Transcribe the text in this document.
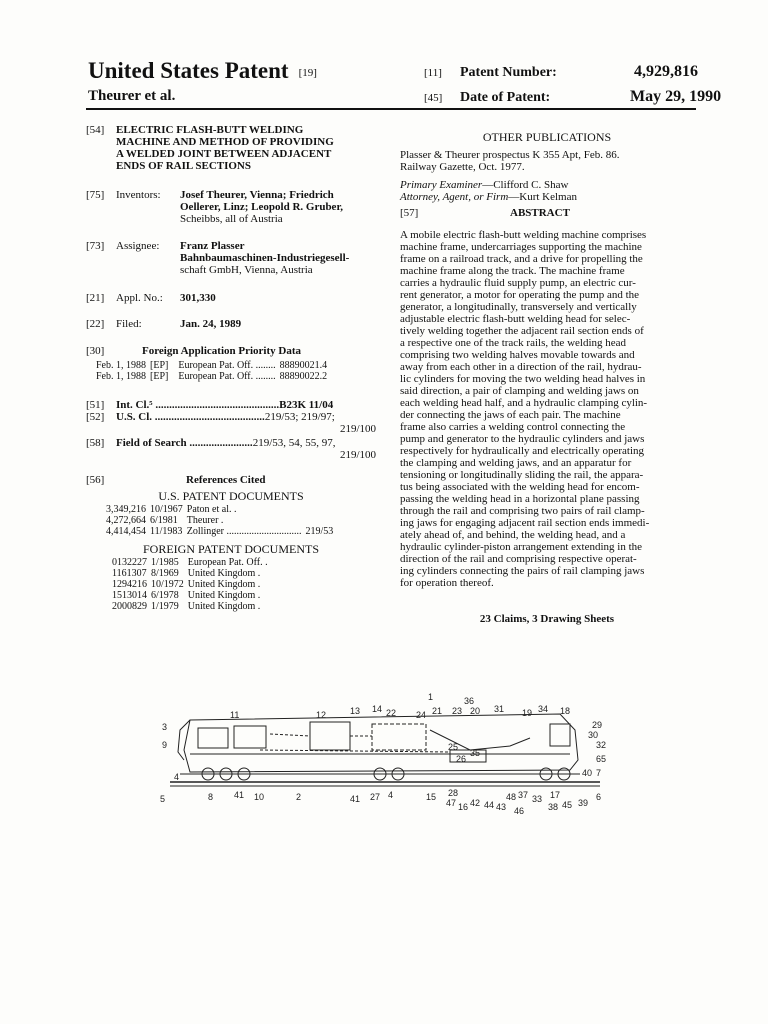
United States Patent [19]
Theurer et al.
[11] Patent Number:	4,929,816
[45] Date of Patent:	May 29, 1990
[54]	ELECTRIC FLASH-BUTT WELDING
MACHINE AND METHOD OF PROVIDING
A WELDED JOINT BETWEEN ADJACENT
ENDS OF RAIL SECTIONS
[75]	Inventors:	Josef Theurer, Vienna; Friedrich
Oellerer, Linz; Leopold R. Gruber,
Scheibbs, all of Austria
[73]	Assignee:	Franz Plasser
Bahnbaumaschinen-Industriegesell-
schaft GmbH, Vienna, Austria
[21]	Appl. No.:	301,330
[22]	Filed:	Jan. 24, 1989
[30]	Foreign Application Priority Data
Feb. 1, 1988	[EP]	European Pat. Off. ........	88890021.4
Feb. 1, 1988	[EP]	European Pat. Off. ........	88890022.2
[51]	Int. Cl.⁵ ............................................. B23K 11/04
[52]	U.S. Cl. ........................................ 219/53; 219/97;
219/100
[58]	Field of Search ....................... 219/53, 54, 55, 97,
219/100
[56]	References Cited
U.S. PATENT DOCUMENTS
3,349,216	10/1967	Paton et al. .	
4,272,664	6/1981	Theurer .	
4,414,454	11/1983	Zollinger ..............................	219/53
FOREIGN PATENT DOCUMENTS
0132227	1/1985	European Pat. Off. .
1161307	8/1969	United Kingdom .
1294216	10/1972	United Kingdom .
1513014	6/1978	United Kingdom .
2000829	1/1979	United Kingdom .
OTHER PUBLICATIONS
Plasser & Theurer prospectus K 355 Apt, Feb. 86.
Railway Gazette, Oct. 1977.
Primary Examiner—Clifford C. Shaw
Attorney, Agent, or Firm—Kurt Kelman
[57]	ABSTRACT
A mobile electric flash-butt welding machine comprises
machine frame, undercarriages supporting the machine
frame on a railroad track, and a drive for propelling the
machine frame along the track. The machine frame
carries a hydraulic fluid supply pump, an electric cur-
rent generator, a motor for operating the pump and the
generator, a longitudinally, transversely and vertically
adjustable electric flash-butt welding head for selec-
tively welding together the adjacent rail section ends of
a respective one of the track rails, the welding head
comprising two welding halves movable towards and
away from each other in a direction of the rail, hydrau-
lic cylinders for moving the two welding head halves in
said direction, a pair of clamping and welding jaws on
each welding head half, and a hydraulic clamping cylin-
der connecting the jaws of each pair. The machine
frame also carries a welding control connecting the
pump and generator to the hydraulic cylinders and jaws
respectively for hydraulically and electrically operating
the clamping and welding jaws, and an apparatur for
tensioning or longitudinally sliding the rail, the appara-
tus being associated with the welding head for encom-
passing the welding head in a horizontal plane passing
through the rail and comprising two pairs of rail clamp-
ing jaws for engaging adjacent rail section ends immedi-
ately ahead of, and behind, the welding head, and a
hydraulic cylinder-piston arrangement extending in the
direction of the rail and comprising respective operat-
ing cylinders connecting the pairs of rail clamping jaws
for operation thereof.
23 Claims, 3 Drawing Sheets
3
9
11	12	13 14 22
1
24 21 23
36
20 31 19 34 18
29
30
32
65
40 7
4
5	8 41 10	2	41 27 4	15 28
47 16 42 44 43
48 37
46
33 17
38 45 39
6
25
26
35
